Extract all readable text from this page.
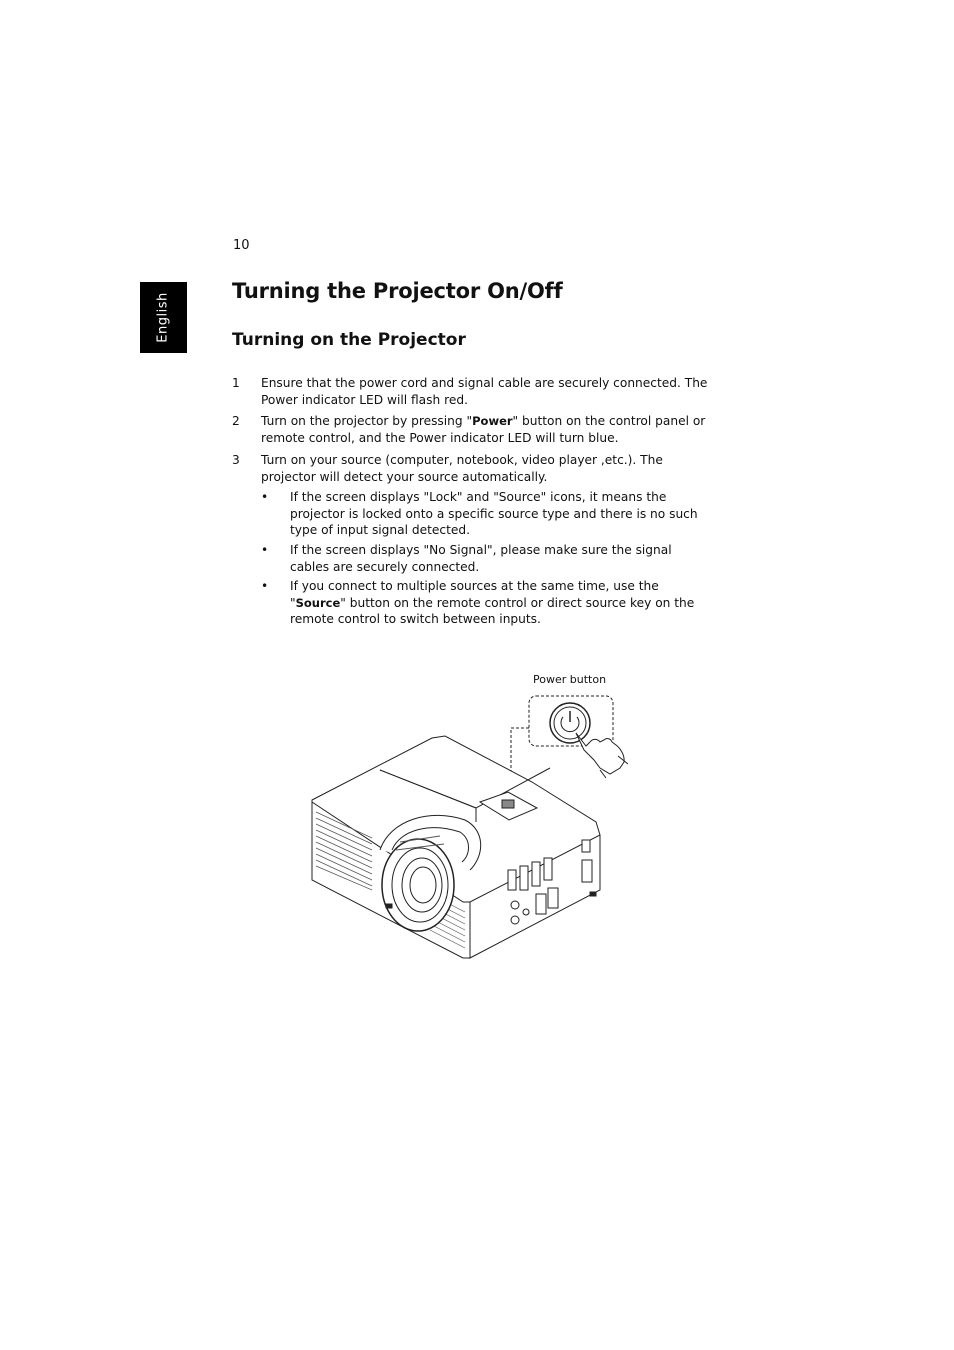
10
English
Turning the Projector On/Off
Turning on the Projector
1 Ensure that the power cord and signal cable are securely connected. The Power indicator LED will flash red.
2 Turn on the projector by pressing "Power" button on the control panel or remote control, and the Power indicator LED will turn blue.
3 Turn on your source (computer, notebook, video player ,etc.). The projector will detect your source automatically.
• If the screen displays "Lock" and "Source" icons, it means the projector is locked onto a specific source type and there is no such type of input signal detected.
• If the screen displays "No Signal", please make sure the signal cables are securely connected.
• If you connect to multiple sources at the same time, use the "Source" button on the remote control or direct source key on the remote control to switch between inputs.
Power button
